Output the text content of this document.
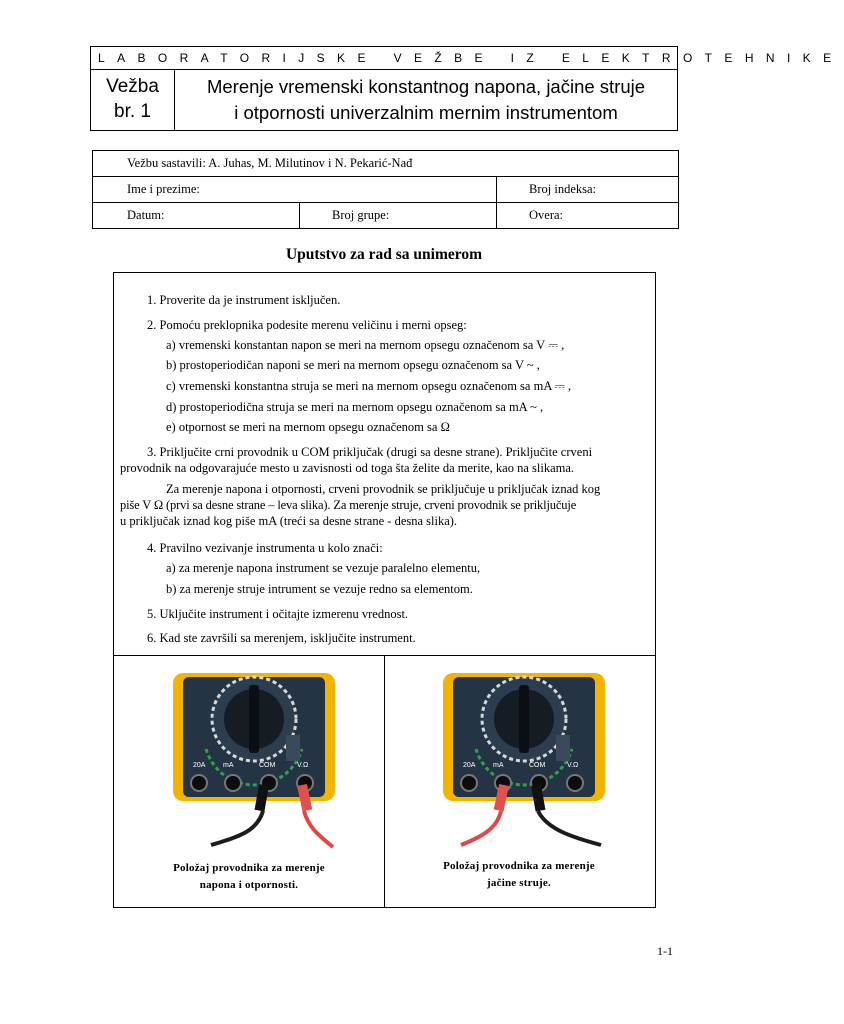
LABORATORIJSKE VEŽBE IZ ELEKTROTEHNIKE
Vežba
br. 1
Merenje vremenski konstantnog napona, jačine struje
i otpornosti univerzalnim mernim instrumentom
Vežbu sastavili: A. Juhas, M. Milutinov i N. Pekarić-Nađ
Ime i prezime:	Broj indeksa:
Datum:	Broj grupe:	Overa:
Uputstvo za rad sa unimerom
1. Proverite da je instrument isključen.
2. Pomoću preklopnika podesite merenu veličinu i merni opseg:
a) vremenski konstantan napon se meri na mernom opsegu označenom sa V ⎓ ,
b) prostoperiodičan naponi se meri na mernom opsegu označenom sa V ~ ,
c) vremenski konstantna struja se meri na mernom opsegu označenom sa mA ⎓ ,
d) prostoperiodična struja se meri na mernom opsegu označenom sa mA ~ ,
e) otpornost se meri na mernom opsegu označenom sa Ω
3. Priključite crni provodnik u COM priključak (drugi sa desne strane). Priključite crveni
provodnik na odgovarajuće mesto u zavisnosti od toga šta želite da merite, kao na slikama.
Za merenje napona i otpornosti, crveni provodnik se priključuje u priključak iznad kog
piše V Ω (prvi sa desne strane – leva slika). Za merenje struje, crveni provodnik se priključuje
u priključak iznad kog piše mA (treći sa desne strane - desna slika).
4. Pravilno vezivanje instrumenta u kolo znači:
a) za merenje napona instrument se vezuje paralelno elementu,
b) za merenje struje intrument se vezuje redno sa elementom.
5. Uključite instrument i očitajte izmerenu vrednost.
6. Kad ste završili sa merenjem, isključite instrument.
20A	mA	COM	V.Ω
Položaj provodnika za merenje
napona i otpornosti.
20A	mA	COM	V.Ω
Položaj provodnika za merenje
jačine struje.
1-1
